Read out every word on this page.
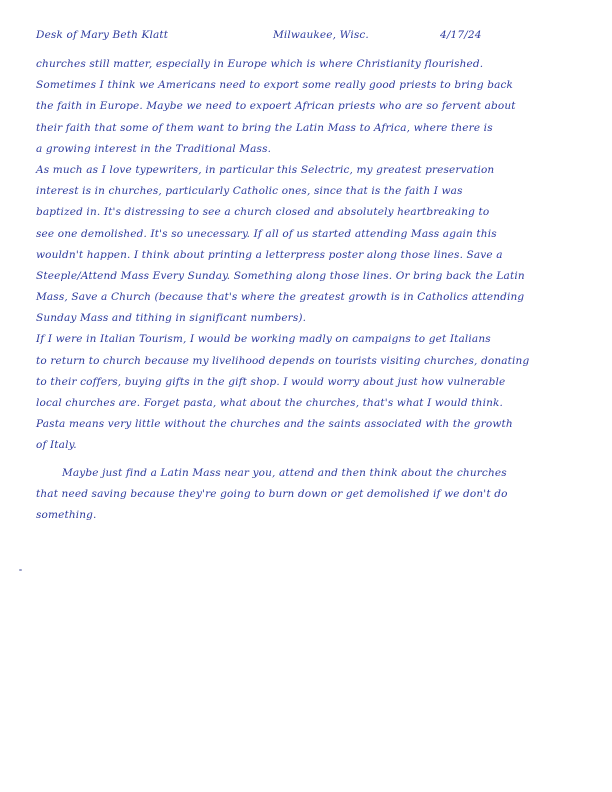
Desk of Mary Beth Klatt	Milwaukee, Wisc.	4/17/24
churches still matter, especially in Europe which is where Christianity flourished.
Sometimes I think we Americans need to export some really good priests to bring back
the faith in Europe. Maybe we need to expoert African priests who are so fervent about
their faith that some of them want to bring the Latin Mass to Africa, where there is
a growing interest in the Traditional Mass.
As much as I love typewriters, in particular this Selectric, my greatest preservation
interest is in churches, particularly Catholic ones, since that is the faith I was
baptized in. It's distressing to see a church closed and absolutely heartbreaking to
see one demolished. It's so unecessary. If all of us started attending Mass again this
wouldn't happen. I think about printing a letterpress poster along those lines. Save a
Steeple/Attend Mass Every Sunday. Something along those lines. Or bring back the Latin
Mass, Save a Church (because that's where the greatest growth is in Catholics attending
Sunday Mass and tithing in significant numbers).
If I were in Italian Tourism, I would be working madly on campaigns to get Italians
to return to church because my livelihood depends on tourists visiting churches, donating
to their coffers, buying gifts in the gift shop. I would worry about just how vulnerable
local churches are. Forget pasta, what about the churches, that's what I would think.
Pasta means very little without the churches and the saints associated with the growth
of Italy.
Maybe just find a Latin Mass near you, attend and then think about the churches
that need saving because they're going to burn down or get demolished if we don't do
something.
